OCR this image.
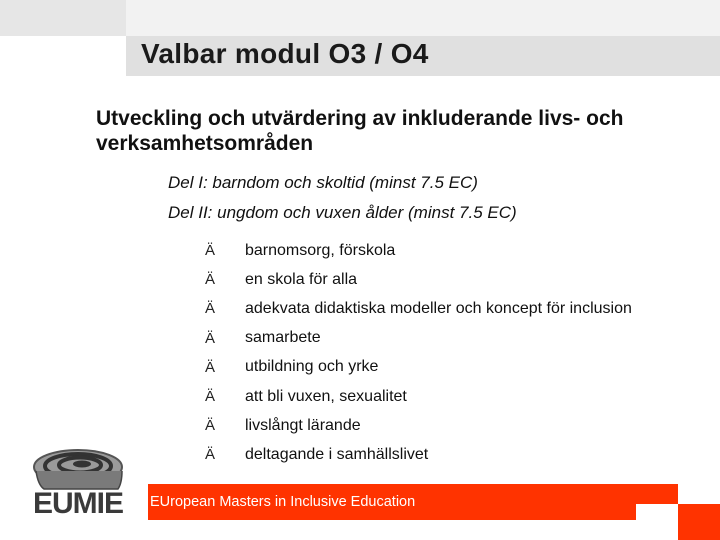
Valbar modul O3 / O4
Utveckling och utvärdering av inkluderande livs- och verksamhetsområden
Del I: barndom och skoltid (minst 7.5 EC)
Del II: ungdom och vuxen ålder (minst 7.5 EC)
Ä	barnomsorg, förskola
Ä	en skola för alla
Ä	adekvata didaktiska modeller och koncept för inclusion
Ä	samarbete
Ä	utbildning och yrke
Ä	att bli vuxen, sexualitet
Ä	livslångt lärande
Ä	deltagande i samhällslivet
EUMIE EUropean Masters in Inclusive Education
